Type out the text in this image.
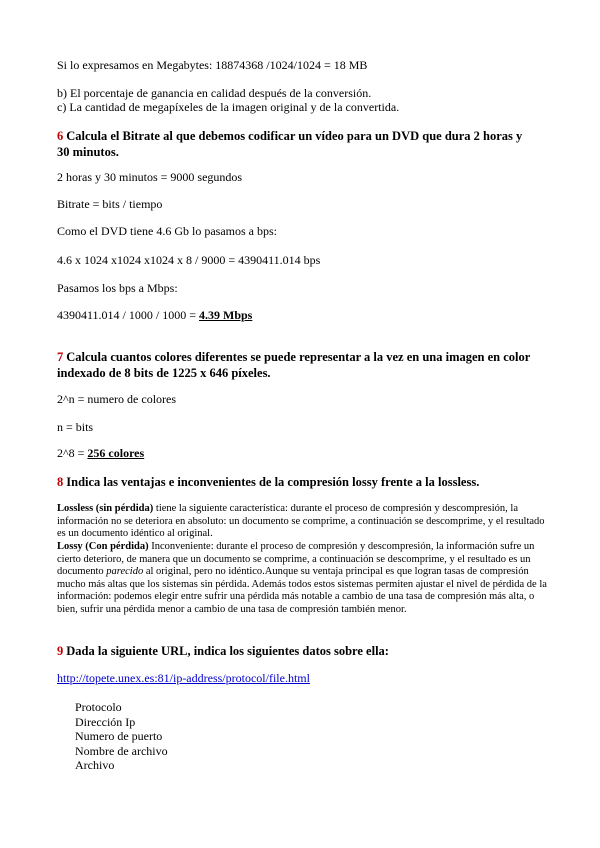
Si lo expresamos en Megabytes: 18874368 /1024/1024 = 18 MB

b) El porcentaje de ganancia en calidad después de la conversión.

c) La cantidad de megapíxeles de la imagen original y de la convertida.

6 Calcula el Bitrate al que debemos codificar un vídeo para un DVD que dura 2 horas y 30 minutos.

2 horas y 30 minutos = 9000 segundos

Bitrate = bits / tiempo

Como el DVD tiene 4.6 Gb lo pasamos a bps:

4.6 x 1024 x1024 x1024 x 8 / 9000 = 4390411.014 bps

Pasamos los bps a Mbps:

4390411.014 / 1000 / 1000 = 4.39 Mbps

7 Calcula cuantos colores diferentes se puede representar a la vez en una imagen en color indexado de 8 bits de 1225 x 646 píxeles.

2^n = numero de colores

n = bits

2^8 = 256 colores

8 Indica las ventajas e inconvenientes de la compresión lossy frente a la lossless.

Lossless (sin pérdida) tiene la siguiente característica: durante el proceso de compresión y descompresión, la información no se deteriora en absoluto: un documento se comprime, a continuación se descomprime, y el resultado es un documento idéntico al original.

Lossy (Con pérdida) Inconveniente: durante el proceso de compresión y descompresión, la información sufre un cierto deterioro, de manera que un documento se comprime, a continuación se descomprime, y el resultado es un documento parecido al original, pero no idéntico.Aunque su ventaja principal es que logran tasas de compresión mucho más altas que los sistemas sin pérdida. Además todos estos sistemas permiten ajustar el nivel de pérdida de la información: podemos elegir entre sufrir una pérdida más notable a cambio de una tasa de compresión más alta, o bien, sufrir una pérdida menor a cambio de una tasa de compresión también menor.

9 Dada la siguiente URL, indica los siguientes datos sobre ella:

http://topete.unex.es:81/ip-address/protocol/file.html

Protocolo
Dirección Ip
Numero de puerto
Nombre de archivo
Archivo
